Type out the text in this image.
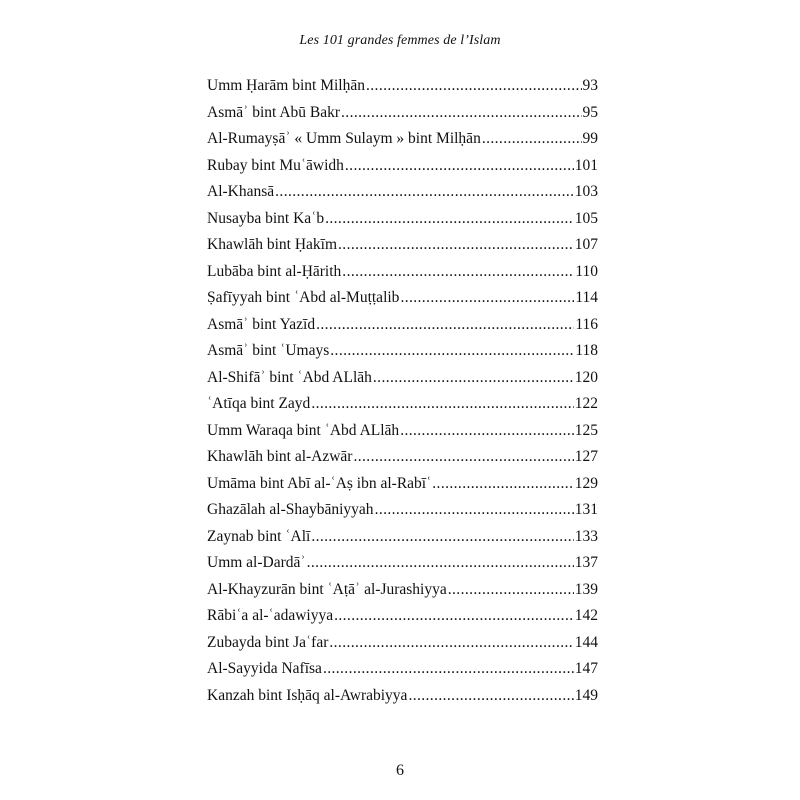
Les 101 grandes femmes de l’Islam
Umm Ḥarām bint Milḥān .....	93
Asmāʾ bint Abū Bakr .....	95
Al-Rumayṣāʾ « Umm Sulaym » bint Milḥān .....	99
Rubay bint Muʿāwidh .....	101
Al-Khansā .....	103
Nusayba bint Kaʿb .....	105
Khawlāh bint Ḥakīm .....	107
Lubāba bint al-Ḥārith .....	110
Ṣafīyyah bint ʿAbd al-Muṭṭalib .....	114
Asmāʾ bint Yazīd .....	116
Asmāʾ bint ʿUmays .....	118
Al-Shifāʾ bint ʿAbd ALlāh .....	120
ʿAtīqa bint Zayd .....	122
Umm Waraqa bint ʿAbd ALlāh .....	125
Khawlāh bint al-Azwār .....	127
Umāma bint Abī al-ʿAṣ ibn al-Rabīʿ .....	129
Ghazālah al-Shaybāniyyah .....	131
Zaynab bint ʿAlī .....	133
Umm al-Dardāʾ .....	137
Al-Khayzurān bint ʿAṭāʾ al-Jurashiyya .....	139
Rābiʿa al-ʿadawiyya .....	142
Zubayda bint Jaʿfar .....	144
Al-Sayyida Nafīsa .....	147
Kanzah bint Isḥāq al-Awrabiyya .....	149
6
